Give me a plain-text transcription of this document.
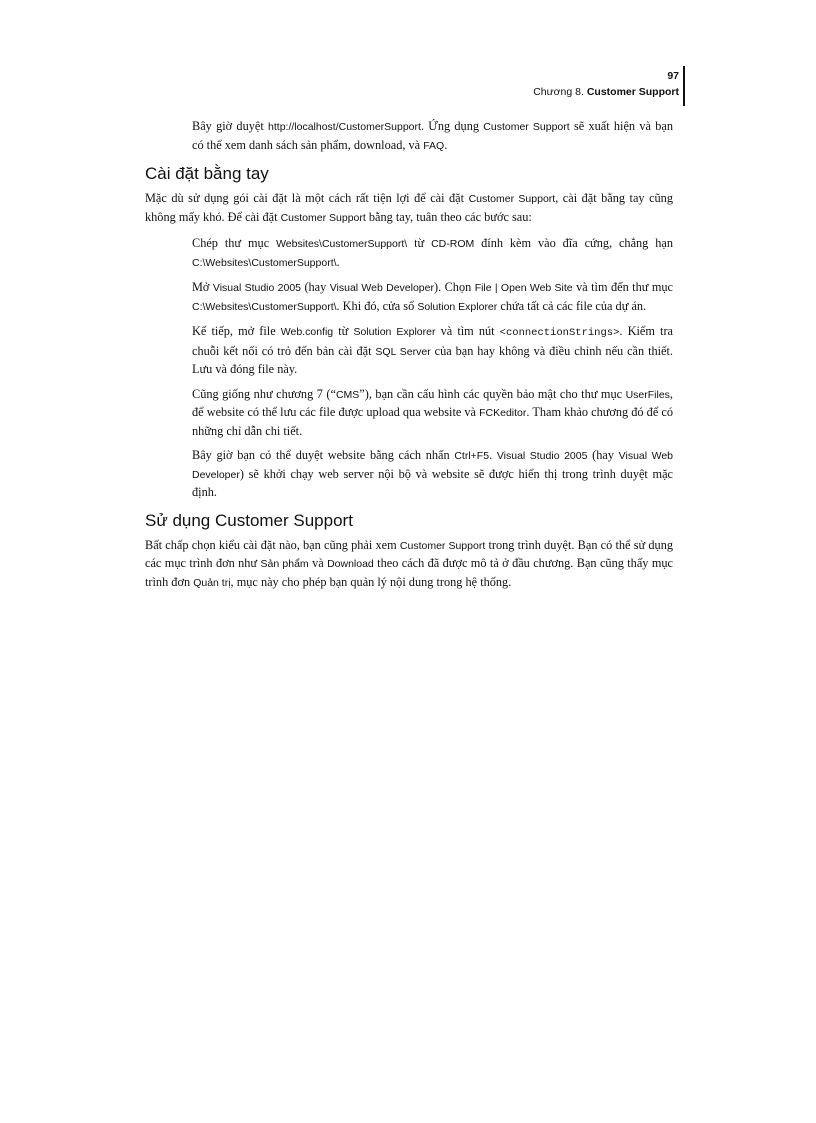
97
Chương 8. Customer Support

Bây giờ duyệt http://localhost/CustomerSupport. Ứng dụng Customer Support sẽ xuất hiện và bạn có thể xem danh sách sản phẩm, download, và FAQ.

Cài đặt bằng tay

Mặc dù sử dụng gói cài đặt là một cách rất tiện lợi để cài đặt Customer Support, cài đặt bằng tay cũng không mấy khó. Để cài đặt Customer Support bằng tay, tuân theo các bước sau:

Chép thư mục Websites\CustomerSupport\ từ CD-ROM đính kèm vào đĩa cứng, chẳng hạn C:\Websites\CustomerSupport\.

Mở Visual Studio 2005 (hay Visual Web Developer). Chọn File | Open Web Site và tìm đến thư mục C:\Websites\CustomerSupport\. Khi đó, cửa sổ Solution Explorer chứa tất cả các file của dự án.

Kế tiếp, mở file Web.config từ Solution Explorer và tìm nút <connectionStrings>. Kiểm tra chuỗi kết nối có trỏ đến bản cài đặt SQL Server của bạn hay không và điều chỉnh nếu cần thiết. Lưu và đóng file này.

Cũng giống như chương 7 (“CMS”), bạn cần cấu hình các quyền bảo mật cho thư mục UserFiles, để website có thể lưu các file được upload qua website và FCKeditor. Tham khảo chương đó để có những chỉ dẫn chi tiết.

Bây giờ bạn có thể duyệt website bằng cách nhấn Ctrl+F5. Visual Studio 2005 (hay Visual Web Developer) sẽ khởi chạy web server nội bộ và website sẽ được hiển thị trong trình duyệt mặc định.

Sử dụng Customer Support

Bất chấp chọn kiểu cài đặt nào, bạn cũng phải xem Customer Support trong trình duyệt. Bạn có thể sử dụng các mục trình đơn như Sản phẩm và Download theo cách đã được mô tả ở đầu chương. Bạn cũng thấy mục trình đơn Quản trị, mục này cho phép bạn quản lý nội dung trong hệ thống.
